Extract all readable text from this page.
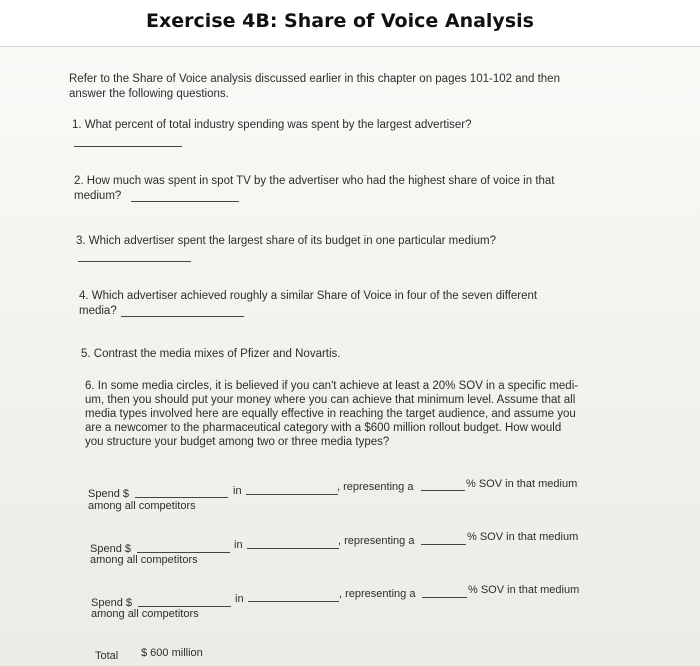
Exercise 4B: Share of Voice Analysis
Refer to the Share of Voice analysis discussed earlier in this chapter on pages 101-102 and then
answer the following questions.
1. What percent of total industry spending was spent by the largest advertiser?
2. How much was spent in spot TV by the advertiser who had the highest share of voice in that
medium?
3. Which advertiser spent the largest share of its budget in one particular medium?
4. Which advertiser achieved roughly a similar Share of Voice in four of the seven different
media?
5. Contrast the media mixes of Pfizer and Novartis.
6. In some media circles, it is believed if you can't achieve at least a 20% SOV in a specific medi-
um, then you should put your money where you can achieve that minimum level. Assume that all
media types involved here are equally effective in reaching the target audience, and assume you
are a newcomer to the pharmaceutical category with a $600 million rollout budget. How would
you structure your budget among two or three media types?
Spend $
among all competitors
in	, representing a	% SOV in that medium
Spend $
among all competitors
in	, representing a	% SOV in that medium
Spend $
among all competitors
in	, representing a	% SOV in that medium
Total $ 600 million
